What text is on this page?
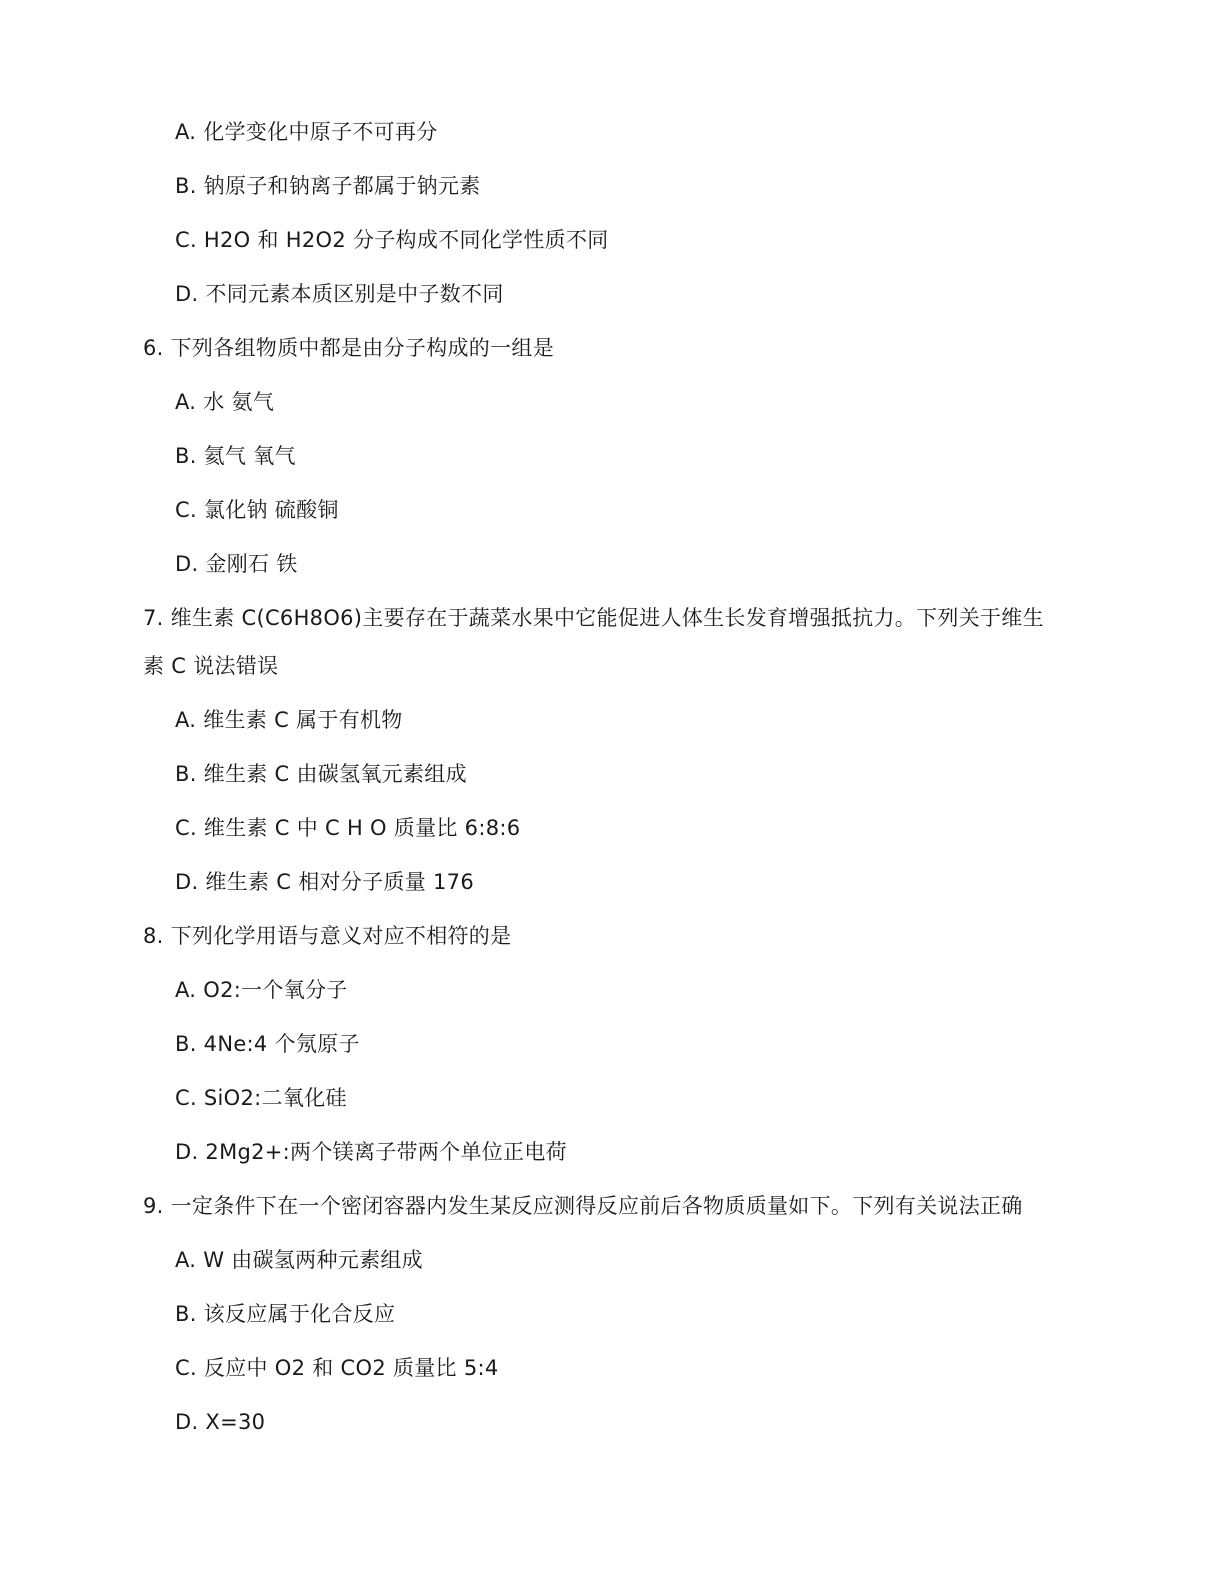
A. 化学变化中原子不可再分
B. 钠原子和钠离子都属于钠元素
C. H2O 和 H2O2 分子构成不同化学性质不同
D. 不同元素本质区别是中子数不同
6. 下列各组物质中都是由分子构成的一组是
A. 水 氨气
B. 氦气 氧气
C. 氯化钠 硫酸铜
D. 金刚石 铁
7. 维生素 C(C6H8O6)主要存在于蔬菜水果中它能促进人体生长发育增强抵抗力。下列关于维生
素 C 说法错误
A. 维生素 C 属于有机物
B. 维生素 C 由碳氢氧元素组成
C. 维生素 C 中 C H O 质量比 6:8:6
D. 维生素 C 相对分子质量 176
8. 下列化学用语与意义对应不相符的是
A. O2:一个氧分子
B. 4Ne:4 个氖原子
C. SiO2:二氧化硅
D. 2Mg2+:两个镁离子带两个单位正电荷
9. 一定条件下在一个密闭容器内发生某反应测得反应前后各物质质量如下。下列有关说法正确
A. W 由碳氢两种元素组成
B. 该反应属于化合反应
C. 反应中 O2 和 CO2 质量比 5:4
D. X=30
